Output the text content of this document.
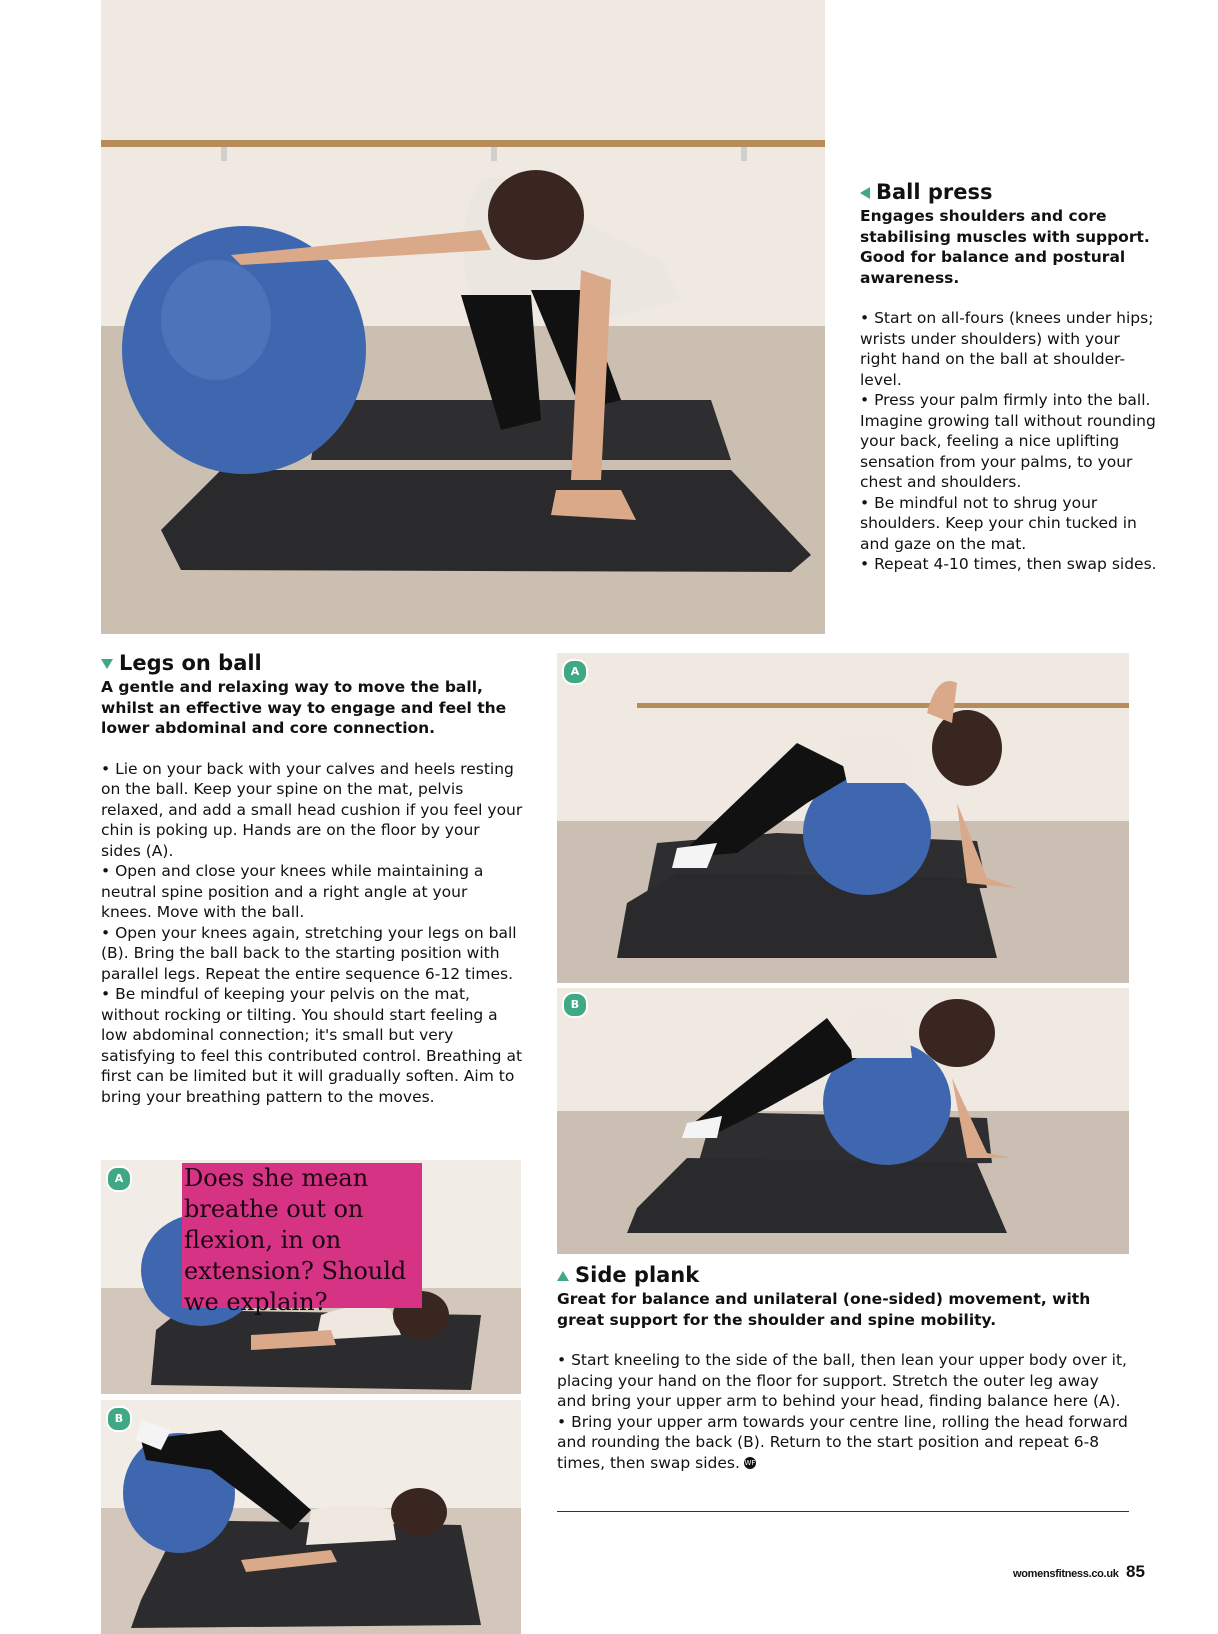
Ball press

Engages shoulders and core stabilising muscles with support. Good for balance and postural awareness.

• Start on all-fours (knees under hips; wrists under shoulders) with your right hand on the ball at shoulder-level.
• Press your palm firmly into the ball. Imagine growing tall without rounding your back, feeling a nice uplifting sensation from your palms, to your chest and shoulders.
• Be mindful not to shrug your shoulders. Keep your chin tucked in and gaze on the mat.
• Repeat 4-10 times, then swap sides.
Legs on ball

A gentle and relaxing way to move the ball, whilst an effective way to engage and feel the lower abdominal and core connection.

• Lie on your back with your calves and heels resting on the ball. Keep your spine on the mat, pelvis relaxed, and add a small head cushion if you feel your chin is poking up. Hands are on the floor by your sides (A).
• Open and close your knees while maintaining a neutral spine position and a right angle at your knees. Move with the ball.
• Open your knees again, stretching your legs on ball (B). Bring the ball back to the starting position with parallel legs. Repeat the entire sequence 6-12 times.
• Be mindful of keeping your pelvis on the mat, without rocking or tilting. You should start feeling a low abdominal connection; it's small but very satisfying to feel this contributed control. Breathing at first can be limited but it will gradually soften. Aim to bring your breathing pattern to the moves.
Does she mean breathe out on flexion, in on extension? Should we explain?
A
B
A
B
Side plank

Great for balance and unilateral (one-sided) movement, with great support for the shoulder and spine mobility.

• Start kneeling to the side of the ball, then lean your upper body over it, placing your hand on the floor for support. Stretch the outer leg away and bring your upper arm to behind your head, finding balance here (A).
• Bring your upper arm towards your centre line, rolling the head forward and rounding the back (B). Return to the start position and repeat 6-8 times, then swap sides. WF
womensfitness.co.uk 85
